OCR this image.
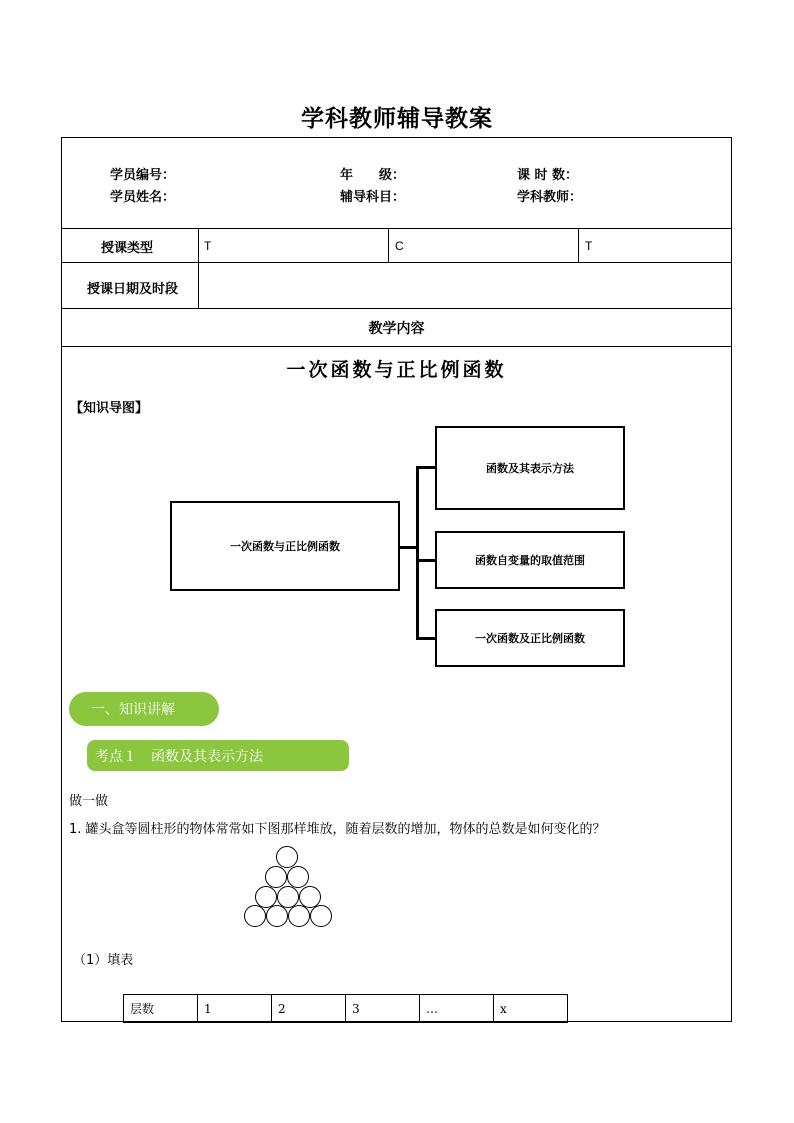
学科教师辅导教案
学员编号：	年　　级：	课 时 数：
学员姓名：	辅导科目：	学科教师：
授课类型	T	C	T
授课日期及时段
教学内容
一次函数与正比例函数
【知识导图】
一次函数与正比例函数
函数及其表示方法
函数自变量的取值范围
一次函数及正比例函数
一、知识讲解
考点１　函数及其表示方法
做一做
1. 罐头盒等圆柱形的物体常常如下图那样堆放，随着层数的增加，物体的总数是如何变化的？
（1）填表
层数	1	2	3	…	x
